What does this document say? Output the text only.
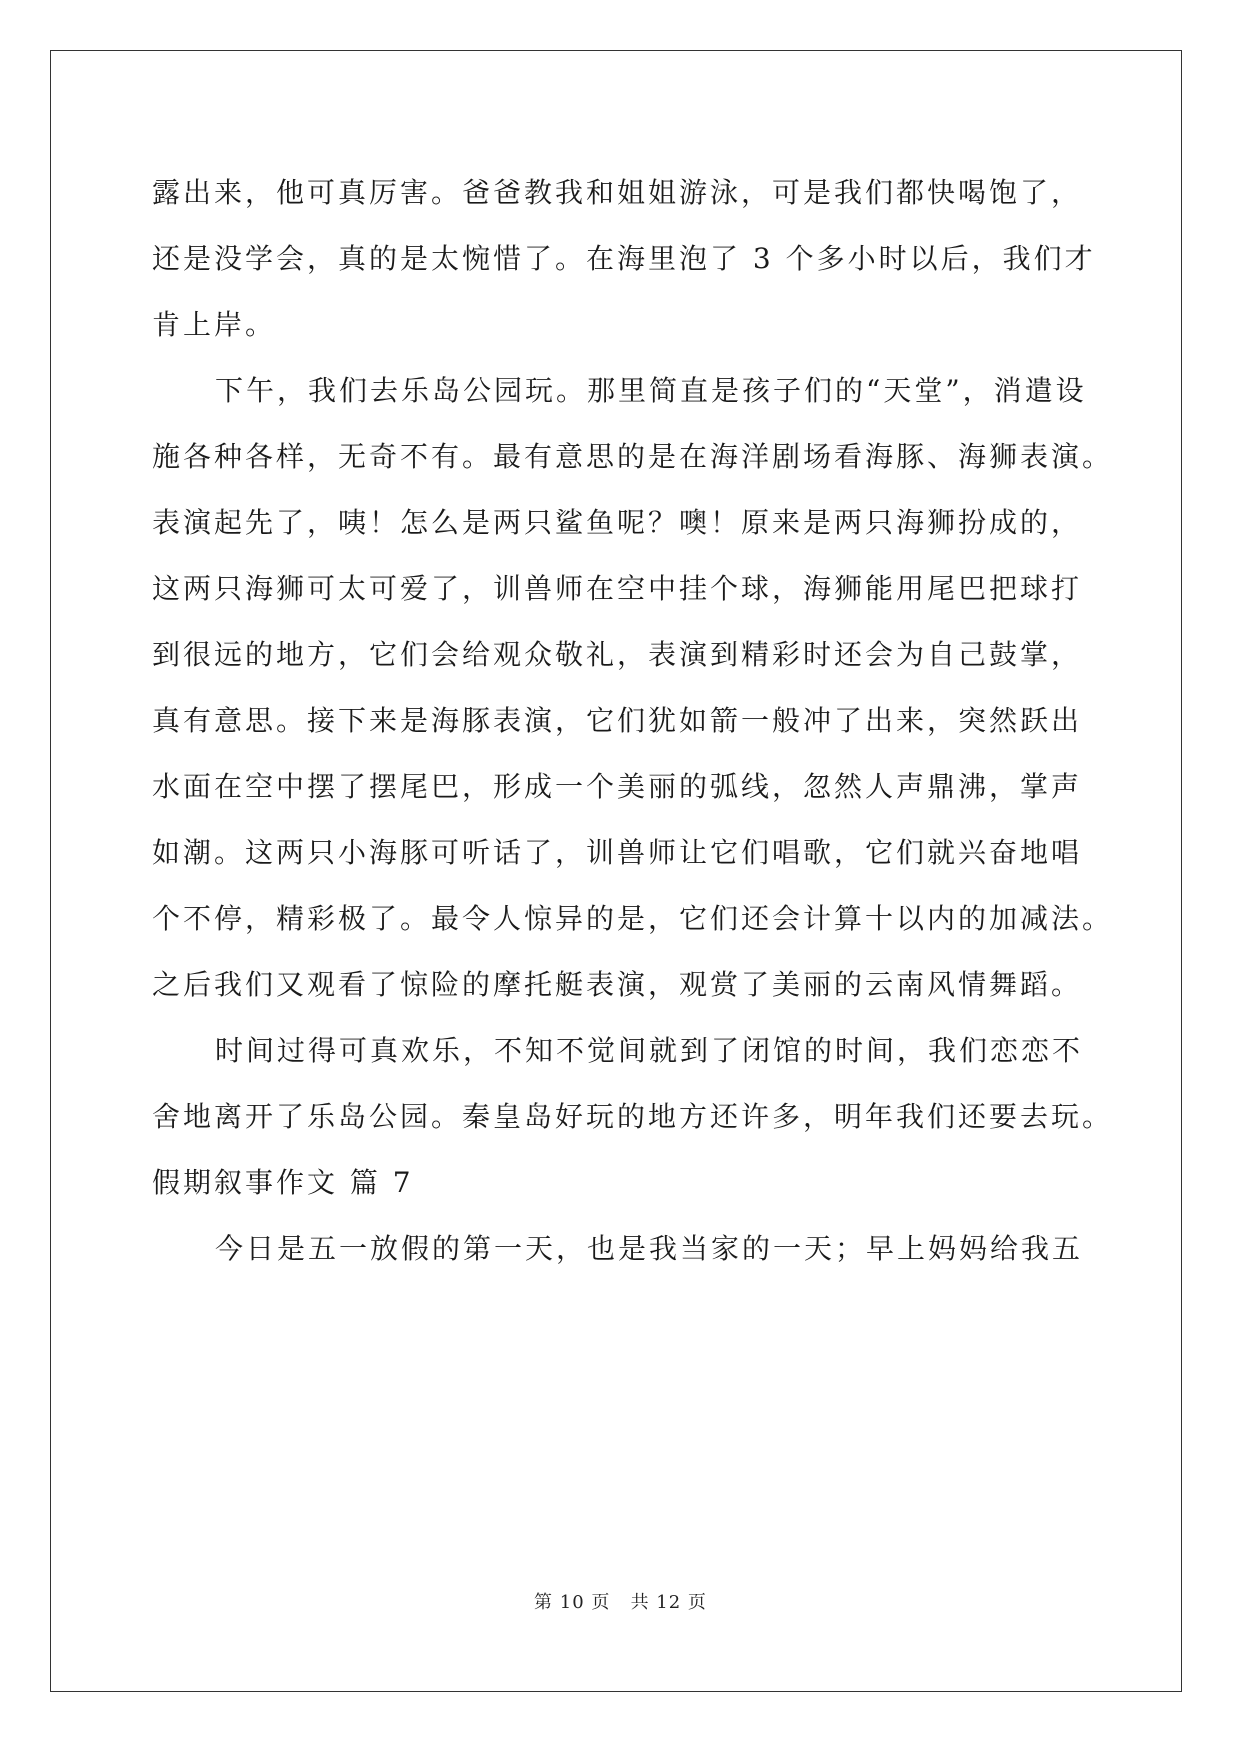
露出来，他可真厉害。爸爸教我和姐姐游泳，可是我们都快喝饱了，
还是没学会，真的是太惋惜了。在海里泡了 3 个多小时以后，我们才
肯上岸。
下午，我们去乐岛公园玩。那里简直是孩子们的“天堂”，消遣设
施各种各样，无奇不有。最有意思的是在海洋剧场看海豚、海狮表演。
表演起先了，咦！怎么是两只鲨鱼呢？噢！原来是两只海狮扮成的，
这两只海狮可太可爱了，训兽师在空中挂个球，海狮能用尾巴把球打
到很远的地方，它们会给观众敬礼，表演到精彩时还会为自己鼓掌，
真有意思。接下来是海豚表演，它们犹如箭一般冲了出来，突然跃出
水面在空中摆了摆尾巴，形成一个美丽的弧线，忽然人声鼎沸，掌声
如潮。这两只小海豚可听话了，训兽师让它们唱歌，它们就兴奋地唱
个不停，精彩极了。最令人惊异的是，它们还会计算十以内的加减法。
之后我们又观看了惊险的摩托艇表演，观赏了美丽的云南风情舞蹈。
时间过得可真欢乐，不知不觉间就到了闭馆的时间，我们恋恋不
舍地离开了乐岛公园。秦皇岛好玩的地方还许多，明年我们还要去玩。
假期叙事作文 篇 7
今日是五一放假的第一天，也是我当家的一天；早上妈妈给我五
第 10 页 共 12 页
